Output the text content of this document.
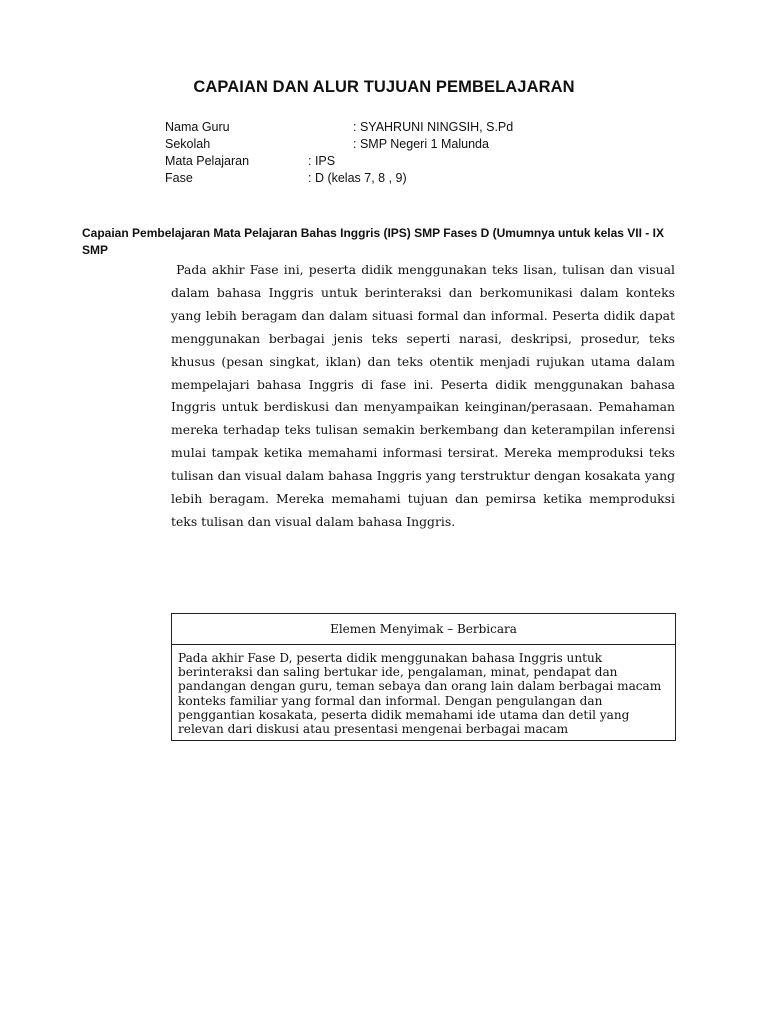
CAPAIAN DAN ALUR TUJUAN PEMBELAJARAN
Nama Guru	: SYAHRUNI NINGSIH, S.Pd
Sekolah	: SMP Negeri 1 Malunda
Mata Pelajaran	: IPS
Fase	: D (kelas 7, 8 , 9)

Capaian Pembelajaran Mata Pelajaran Bahas Inggris (IPS) SMP Fases D (Umumnya untuk kelas VII - IX SMP

Pada akhir Fase ini, peserta didik menggunakan teks lisan, tulisan dan visual dalam bahasa Inggris untuk berinteraksi dan berkomunikasi dalam konteks yang lebih beragam dan dalam situasi formal dan informal. Peserta didik dapat menggunakan berbagai jenis teks seperti narasi, deskripsi, prosedur, teks khusus (pesan singkat, iklan) dan teks otentik menjadi rujukan utama dalam mempelajari bahasa Inggris di fase ini. Peserta didik menggunakan bahasa Inggris untuk berdiskusi dan menyampaikan keinginan/perasaan. Pemahaman mereka terhadap teks tulisan semakin berkembang dan keterampilan inferensi mulai tampak ketika memahami informasi tersirat. Mereka memproduksi teks tulisan dan visual dalam bahasa Inggris yang terstruktur dengan kosakata yang lebih beragam. Mereka memahami tujuan dan pemirsa ketika memproduksi teks tulisan dan visual dalam bahasa Inggris.

Elemen Menyimak – Berbicara
Pada akhir Fase D, peserta didik menggunakan bahasa Inggris untuk berinteraksi dan saling bertukar ide, pengalaman, minat, pendapat dan pandangan dengan guru, teman sebaya dan orang lain dalam berbagai macam konteks familiar yang formal dan informal. Dengan pengulangan dan penggantian kosakata, peserta didik memahami ide utama dan detil yang relevan dari diskusi atau presentasi mengenai berbagai macam
